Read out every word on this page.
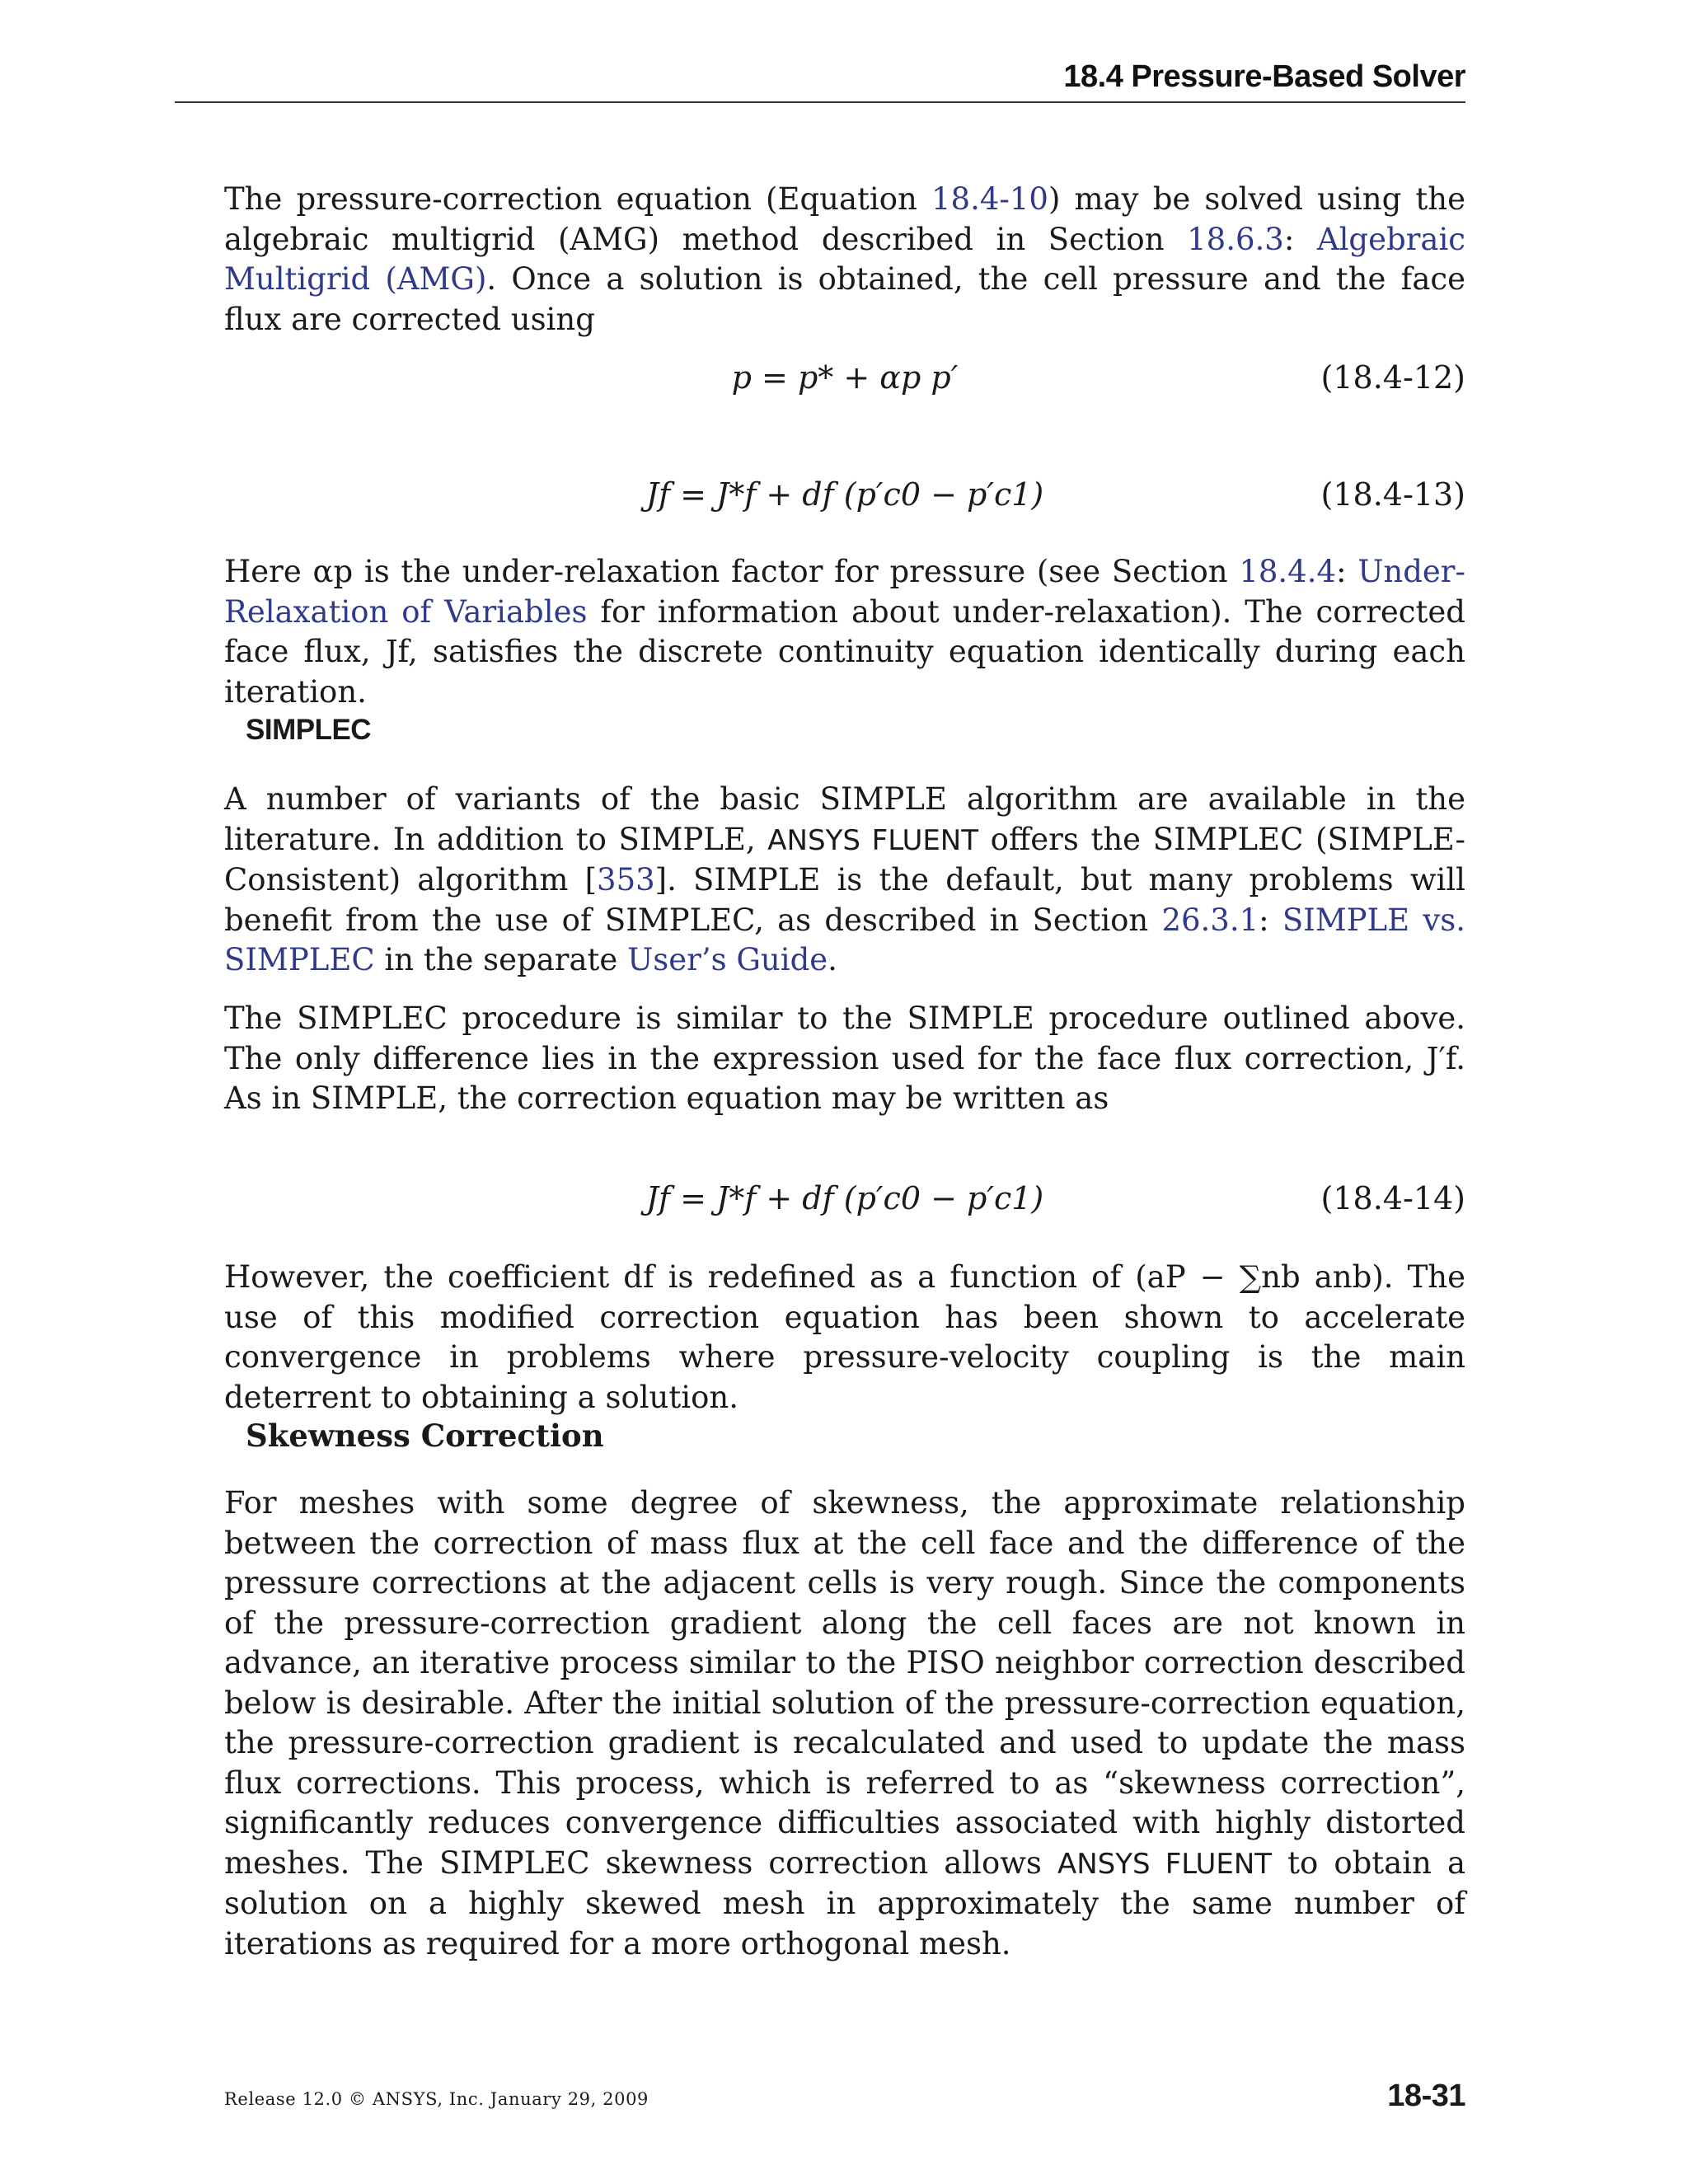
18.4 Pressure-Based Solver
The pressure-correction equation (Equation 18.4-10) may be solved using the algebraic multigrid (AMG) method described in Section 18.6.3: Algebraic Multigrid (AMG). Once a solution is obtained, the cell pressure and the face flux are corrected using
p = p* + αp p′	(18.4-12)
Jf = J*f + df (p′c0 − p′c1)	(18.4-13)
Here αp is the under-relaxation factor for pressure (see Section 18.4.4: Under-Relaxation of Variables for information about under-relaxation). The corrected face flux, Jf, satisfies the discrete continuity equation identically during each iteration.
SIMPLEC
A number of variants of the basic SIMPLE algorithm are available in the literature. In addition to SIMPLE, ANSYS FLUENT offers the SIMPLEC (SIMPLE-Consistent) algorithm [353]. SIMPLE is the default, but many problems will benefit from the use of SIMPLEC, as described in Section 26.3.1: SIMPLE vs. SIMPLEC in the separate User’s Guide.
The SIMPLEC procedure is similar to the SIMPLE procedure outlined above. The only difference lies in the expression used for the face flux correction, J′f. As in SIMPLE, the correction equation may be written as
Jf = J*f + df (p′c0 − p′c1)	(18.4-14)
However, the coefficient df is redefined as a function of (aP − ∑nb anb). The use of this modified correction equation has been shown to accelerate convergence in problems where pressure-velocity coupling is the main deterrent to obtaining a solution.
Skewness Correction
For meshes with some degree of skewness, the approximate relationship between the correction of mass flux at the cell face and the difference of the pressure corrections at the adjacent cells is very rough. Since the components of the pressure-correction gradient along the cell faces are not known in advance, an iterative process similar to the PISO neighbor correction described below is desirable. After the initial solution of the pressure-correction equation, the pressure-correction gradient is recalculated and used to update the mass flux corrections. This process, which is referred to as “skewness correction”, significantly reduces convergence difficulties associated with highly distorted meshes. The SIMPLEC skewness correction allows ANSYS FLUENT to obtain a solution on a highly skewed mesh in approximately the same number of iterations as required for a more orthogonal mesh.
Release 12.0 © ANSYS, Inc. January 29, 2009	18-31
